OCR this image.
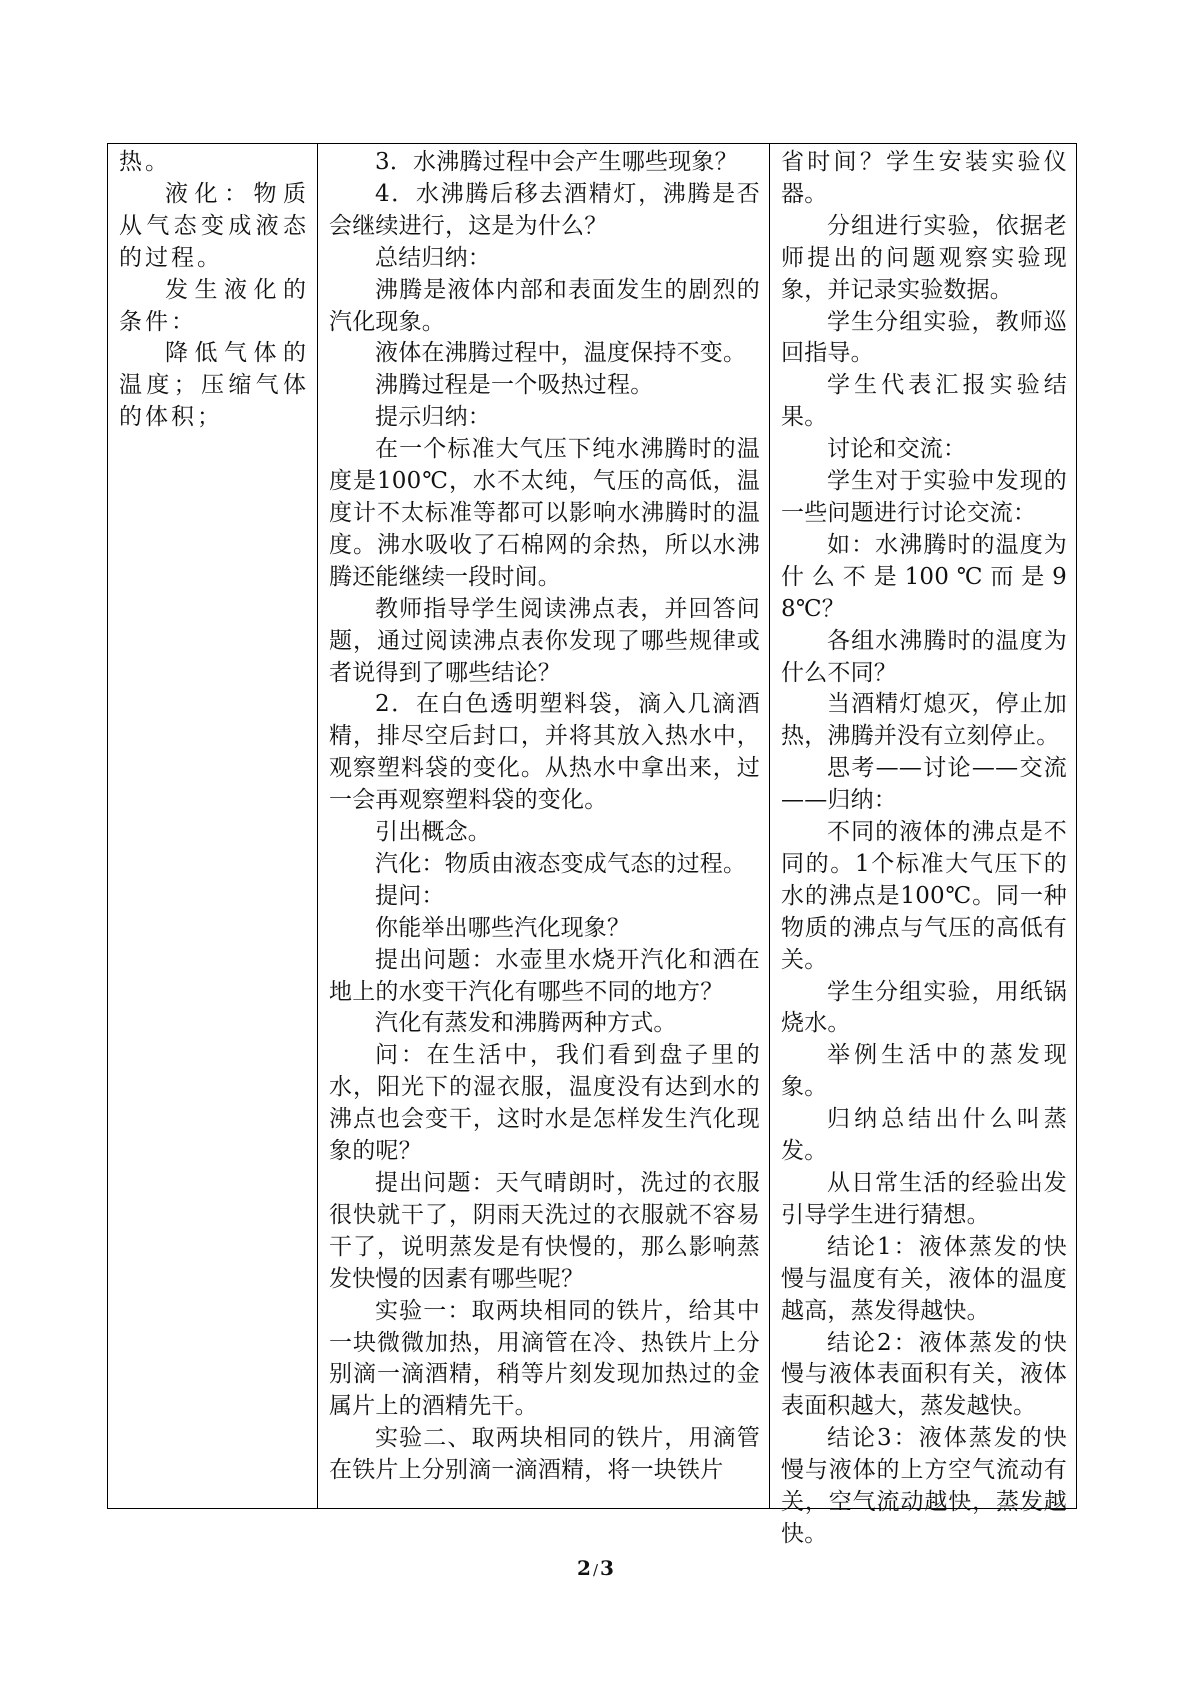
热。

液化：物质从气态变成液态的过程。

发生液化的条件：

降低气体的温度；压缩气体的体积；

3．水沸腾过程中会产生哪些现象？

4．水沸腾后移去酒精灯，沸腾是否会继续进行，这是为什么？

总结归纳：

沸腾是液体内部和表面发生的剧烈的汽化现象。

液体在沸腾过程中，温度保持不变。

沸腾过程是一个吸热过程。

提示归纳：

在一个标准大气压下纯水沸腾时的温度是100℃，水不太纯，气压的高低，温度计不太标准等都可以影响水沸腾时的温度。沸水吸收了石棉网的余热，所以水沸腾还能继续一段时间。

教师指导学生阅读沸点表，并回答问题，通过阅读沸点表你发现了哪些规律或者说得到了哪些结论？

2．在白色透明塑料袋，滴入几滴酒精，排尽空后封口，并将其放入热水中，观察塑料袋的变化。从热水中拿出来，过一会再观察塑料袋的变化。

引出概念。

汽化：物质由液态变成气态的过程。

提问：

你能举出哪些汽化现象？

提出问题：水壶里水烧开汽化和洒在地上的水变干汽化有哪些不同的地方？

汽化有蒸发和沸腾两种方式。

问：在生活中，我们看到盘子里的水，阳光下的湿衣服，温度没有达到水的沸点也会变干，这时水是怎样发生汽化现象的呢？

提出问题：天气晴朗时，洗过的衣服很快就干了，阴雨天洗过的衣服就不容易干了，说明蒸发是有快慢的，那么影响蒸发快慢的因素有哪些呢？

实验一：取两块相同的铁片，给其中一块微微加热，用滴管在冷、热铁片上分别滴一滴酒精，稍等片刻发现加热过的金属片上的酒精先干。

实验二、取两块相同的铁片，用滴管在铁片上分别滴一滴酒精，将一块铁片

省时间？学生安装实验仪器。

分组进行实验，依据老师提出的问题观察实验现象，并记录实验数据。

学生分组实验，教师巡回指导。

学生代表汇报实验结果。

讨论和交流：

学生对于实验中发现的一些问题进行讨论交流：

如：水沸腾时的温度为什么不是100℃而是98℃？

各组水沸腾时的温度为什么不同？

当酒精灯熄灭，停止加热，沸腾并没有立刻停止。

思考——讨论——交流——归纳：

不同的液体的沸点是不同的。1个标准大气压下的水的沸点是100℃。同一种物质的沸点与气压的高低有关。

学生分组实验，用纸锅烧水。

举例生活中的蒸发现象。

归纳总结出什么叫蒸发。

从日常生活的经验出发引导学生进行猜想。

结论1：液体蒸发的快慢与温度有关，液体的温度越高，蒸发得越快。

结论2：液体蒸发的快慢与液体表面积有关，液体表面积越大，蒸发越快。

结论3：液体蒸发的快慢与液体的上方空气流动有关，空气流动越快，蒸发越快。

2 / 3
